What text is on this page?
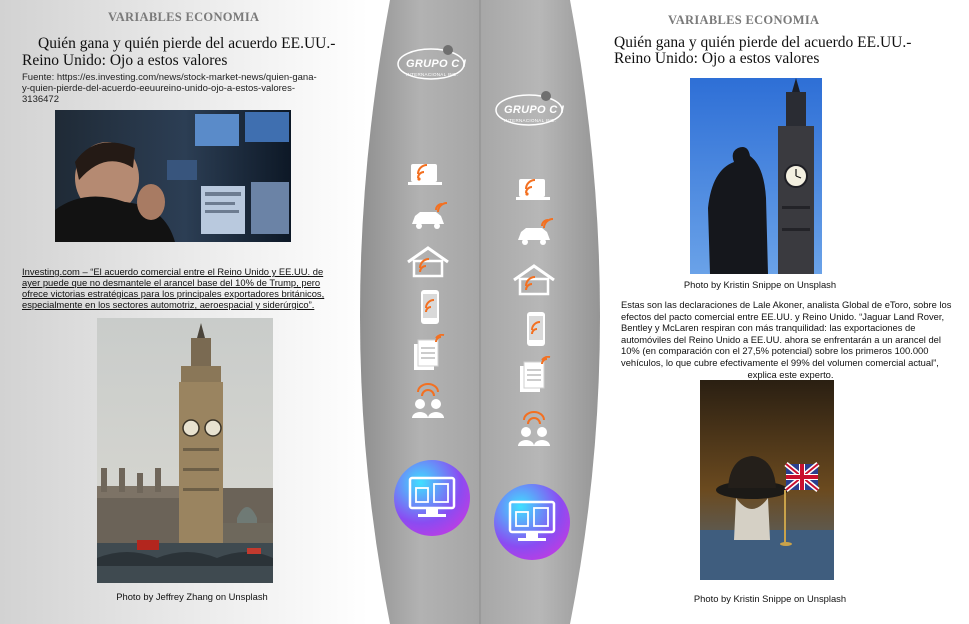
VARIABLES ECONOMIA
Quién gana y quién pierde del acuerdo EE.UU.-
Reino Unido: Ojo a estos valores
Fuente: https://es.investing.com/news/stock-market-news/quien-gana-
y-quien-pierde-del-acuerdo-eeuureino-unido-ojo-a-estos-valores-
3136472
Investing.com – “El acuerdo comercial entre el Reino Unido y EE.UU. de
ayer puede que no desmantele el arancel base del 10% de Trump, pero
ofrece victorias estratégicas para los principales exportadores británicos,
especialmente en los sectores automotriz, aeroespacial y siderúrgico”.
Photo by Jeffrey Zhang on Unsplash
GRUPO C I
INTERNACIONAL INC.
GRUPO C I
INTERNACIONAL INC.
VARIABLES ECONOMIA
Quién gana y quién pierde del acuerdo EE.UU.-
Reino Unido: Ojo a estos valores
Photo by Kristin Snippe on Unsplash
Estas son las declaraciones de Lale Akoner, analista Global de eToro, sobre los
efectos del pacto comercial entre EE.UU. y Reino Unido. “Jaguar Land Rover,
Bentley y McLaren respiran con más tranquilidad: las exportaciones de
automóviles del Reino Unido a EE.UU. ahora se enfrentarán a un arancel del
10% (en comparación con el 27,5% potencial) sobre los primeros 100.000
vehículos, lo que cubre efectivamente el 99% del volumen comercial actual”,
explica este experto.
Photo by Kristin Snippe on Unsplash
